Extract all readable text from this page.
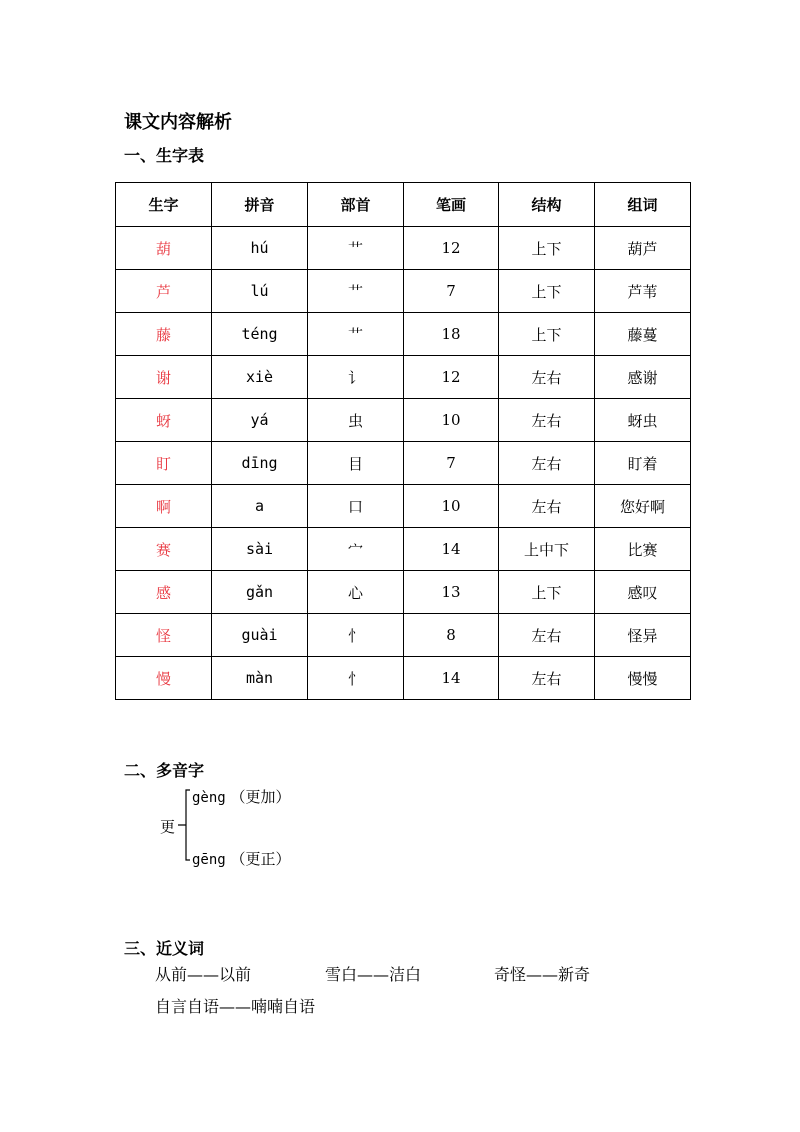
课文内容解析
一、生字表
生字	拼音	部首	笔画	结构	组词
葫	hú	艹	12	上下	葫芦
芦	lú	艹	7	上下	芦苇
藤	téng	艹	18	上下	藤蔓
谢	xiè	讠	12	左右	感谢
蚜	yá	虫	10	左右	蚜虫
盯	dīng	目	7	左右	盯着
啊	a	口	10	左右	您好啊
赛	sài	宀	14	上中下	比赛
感	gǎn	心	13	上下	感叹
怪	guài	忄	8	左右	怪异
慢	màn	忄	14	左右	慢慢
二、多音字
更
gèng （更加）
gēng （更正）
三、近义词
从前——以前	雪白——洁白	奇怪——新奇
自言自语——喃喃自语
